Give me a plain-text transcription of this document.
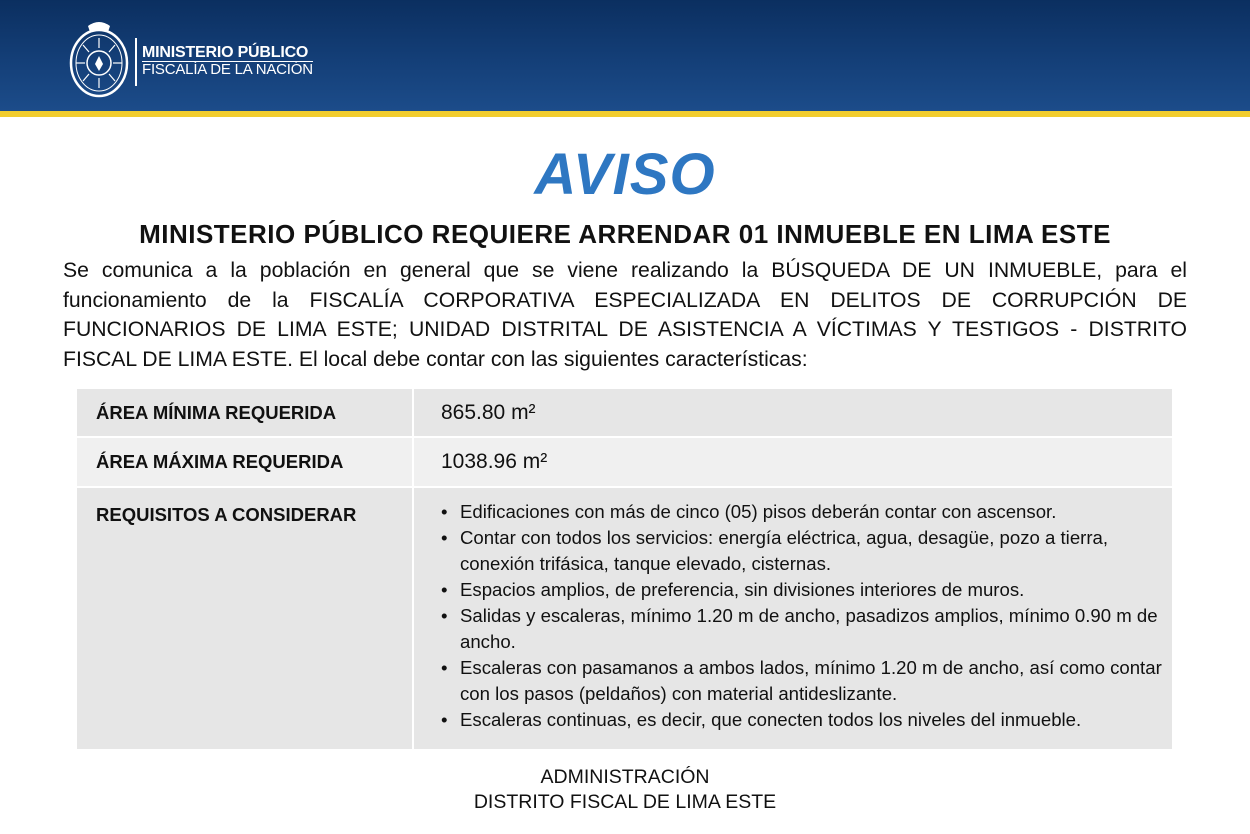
MINISTERIO PÚBLICO
FISCALÍA DE LA NACIÓN
AVISO
MINISTERIO PÚBLICO REQUIERE ARRENDAR 01 INMUEBLE EN LIMA ESTE
Se comunica a la población en general que se viene realizando la BÚSQUEDA DE UN INMUEBLE, para el funcionamiento de la FISCALÍA CORPORATIVA ESPECIALIZADA EN DELITOS DE CORRUPCIÓN DE FUNCIONARIOS DE LIMA ESTE; UNIDAD DISTRITAL DE ASISTENCIA A VÍCTIMAS Y TESTIGOS - DISTRITO FISCAL DE LIMA ESTE. El local debe contar con las siguientes características:
ÁREA MÍNIMA REQUERIDA	865.80 m²
ÁREA MÁXIMA REQUERIDA	1038.96 m²
REQUISITOS A CONSIDERAR
•	Edificaciones con más de cinco (05) pisos deberán contar con ascensor.
• Contar con todos los servicios: energía eléctrica, agua, desagüe, pozo a tierra, conexión trifásica, tanque elevado, cisternas.
• Espacios amplios, de preferencia, sin divisiones interiores de muros.
• Salidas y escaleras, mínimo 1.20 m de ancho, pasadizos amplios, mínimo 0.90 m de ancho.
• Escaleras con pasamanos a ambos lados, mínimo 1.20 m de ancho, así como contar con los pasos (peldaños) con material antideslizante.
• Escaleras continuas, es decir, que conecten todos los niveles del inmueble.
ADMINISTRACIÓN
DISTRITO FISCAL DE LIMA ESTE
